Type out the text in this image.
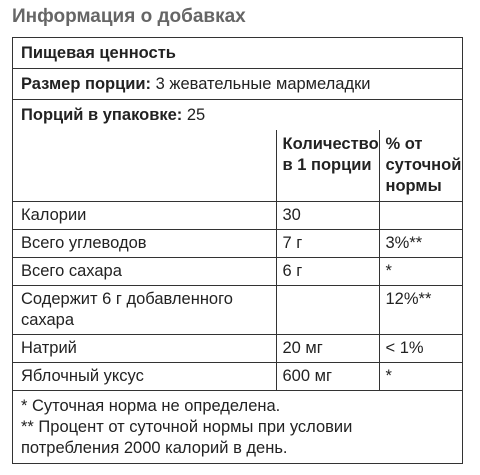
Информация о добавках
Пищевая ценность
Размер порции: 3 жевательные мармеладки
Порций в упаковке: 25
	Количество в 1 порции	% от суточной нормы
Калории	30	
Всего углеводов	7 г	3%**
Всего сахара	6 г	*
Содержит 6 г добавленного сахара		12%**
Натрий	20 мг	< 1%
Яблочный уксус	600 мг	*
* Суточная норма не определена.
** Процент от суточной нормы при условии потребления 2000 калорий в день.
